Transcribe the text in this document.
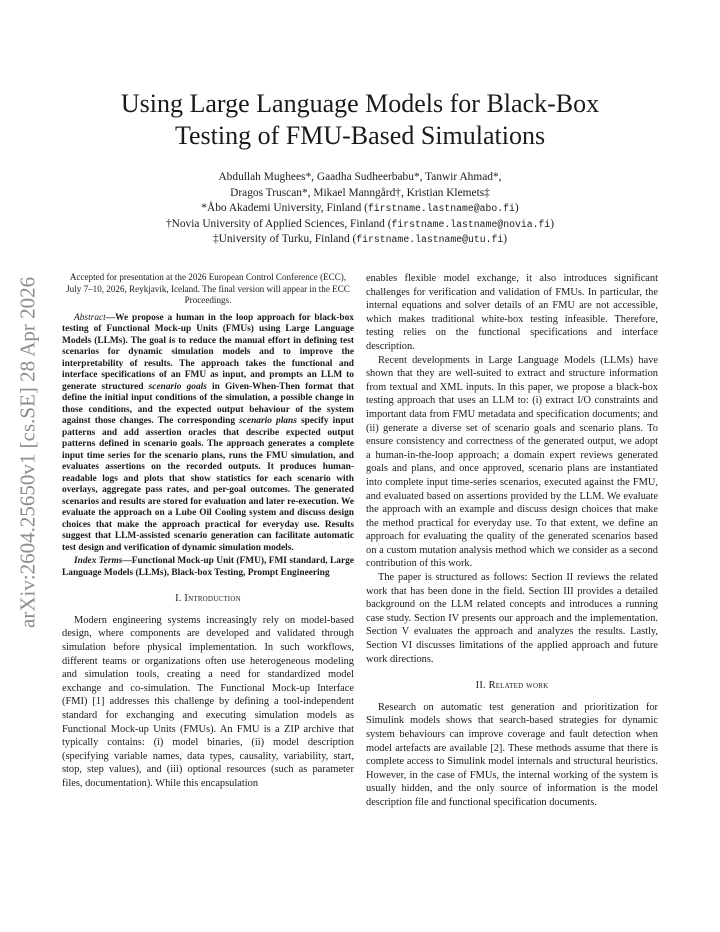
arXiv:2604.25650v1 [cs.SE] 28 Apr 2026
Using Large Language Models for Black-Box
Testing of FMU-Based Simulations
Abdullah Mughees*, Gaadha Sudheerbabu*, Tanwir Ahmad*,
Dragos Truscan*, Mikael Manngård†, Kristian Klemets‡
*Åbo Akademi University, Finland (firstname.lastname@abo.fi)
†Novia University of Applied Sciences, Finland (firstname.lastname@novia.fi)
‡University of Turku, Finland (firstname.lastname@utu.fi)

Accepted for presentation at the 2026 European Control Conference (ECC), July 7–10, 2026, Reykjavík, Iceland. The final version will appear in the ECC Proceedings.

Abstract—We propose a human in the loop approach for black-box testing of Functional Mock-up Units (FMUs) using Large Language Models (LLMs). The goal is to reduce the manual effort in defining test scenarios for dynamic simulation models and to improve the interpretability of results. The approach takes the functional and interface specifications of an FMU as input, and prompts an LLM to generate structured scenario goals in Given-When-Then format that define the initial input conditions of the simulation, a possible change in those conditions, and the expected output behaviour of the system against those changes. The corresponding scenario plans specify input patterns and add assertion oracles that describe expected output patterns defined in scenario goals. The approach generates a complete input time series for the scenario plans, runs the FMU simulation, and evaluates assertions on the recorded outputs. It produces human-readable logs and plots that show statistics for each scenario with overlays, aggregate pass rates, and per-goal outcomes. The generated scenarios and results are stored for evaluation and later re-execution. We evaluate the approach on a Lube Oil Cooling system and discuss design choices that make the approach practical for everyday use. Results suggest that LLM-assisted scenario generation can facilitate automatic test design and verification of dynamic simulation models.

Index Terms—Functional Mock-up Unit (FMU), FMI standard, Large Language Models (LLMs), Black-box Testing, Prompt Engineering

I. Introduction

Modern engineering systems increasingly rely on model-based design, where components are developed and validated through simulation before physical implementation. In such workflows, different teams or organizations often use heterogeneous modeling and simulation tools, creating a need for standardized model exchange and co-simulation. The Functional Mock-up Interface (FMI) [1] addresses this challenge by defining a tool-independent standard for exchanging and executing simulation models as Functional Mock-up Units (FMUs). An FMU is a ZIP archive that typically contains: (i) model binaries, (ii) model description (specifying variable names, data types, causality, variability, start, stop, step values), and (iii) optional resources (such as parameter files, documentation). While this encapsulation

enables flexible model exchange, it also introduces significant challenges for verification and validation of FMUs. In particular, the internal equations and solver details of an FMU are not accessible, which makes traditional white-box testing infeasible. Therefore, testing relies on the functional specifications and interface description.

Recent developments in Large Language Models (LLMs) have shown that they are well-suited to extract and structure information from textual and XML inputs. In this paper, we propose a black-box testing approach that uses an LLM to: (i) extract I/O constraints and important data from FMU metadata and specification documents; and (ii) generate a diverse set of scenario goals and scenario plans. To ensure consistency and correctness of the generated output, we adopt a human-in-the-loop approach; a domain expert reviews generated goals and plans, and once approved, scenario plans are instantiated into complete input time-series scenarios, executed against the FMU, and evaluated based on assertions provided by the LLM. We evaluate the approach with an example and discuss design choices that make the method practical for everyday use. To that extent, we define an approach for evaluating the quality of the generated scenarios based on a custom mutation analysis method which we consider as a second contribution of this work.

The paper is structured as follows: Section II reviews the related work that has been done in the field. Section III provides a detailed background on the LLM related concepts and introduces a running case study. Section IV presents our approach and the implementation. Section V evaluates the approach and analyzes the results. Lastly, Section VI discusses limitations of the applied approach and future work directions.

II. Related work

Research on automatic test generation and prioritization for Simulink models shows that search-based strategies for dynamic system behaviours can improve coverage and fault detection when model artefacts are available [2]. These methods assume that there is complete access to Simulink model internals and structural heuristics. However, in the case of FMUs, the internal working of the system is usually hidden, and the only source of information is the model description file and functional specification documents.
